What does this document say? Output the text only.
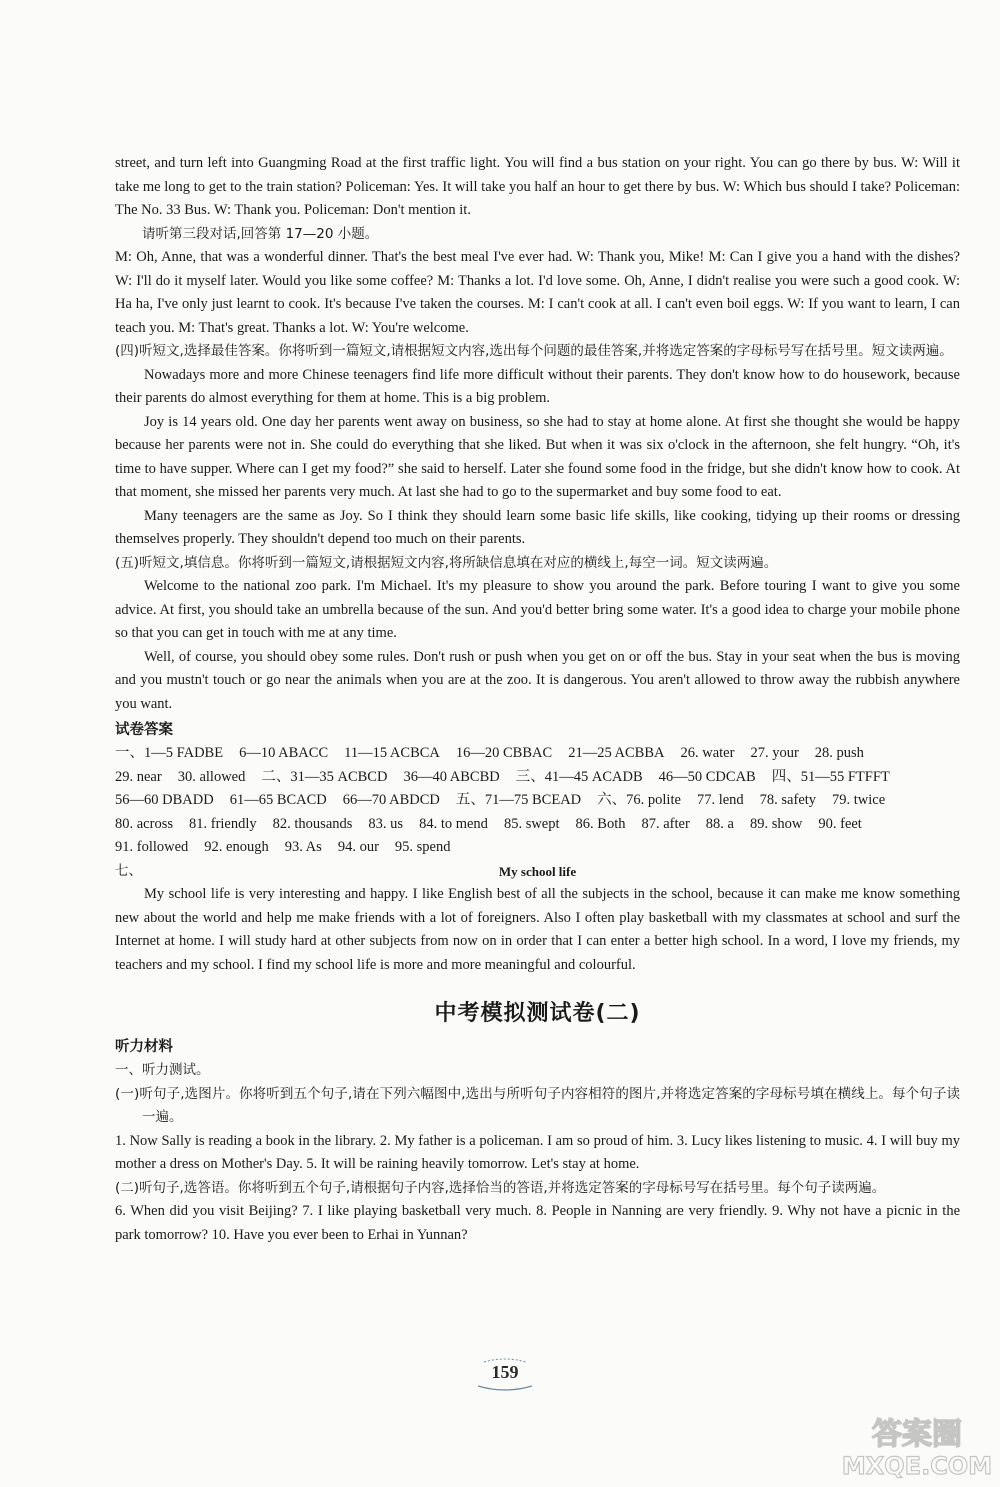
street, and turn left into Guangming Road at the first traffic light. You will find a bus station on your right. You can go there by bus. W: Will it take me long to get to the train station? Policeman: Yes. It will take you half an hour to get there by bus. W: Which bus should I take? Policeman: The No. 33 Bus. W: Thank you. Policeman: Don't mention it.

请听第三段对话,回答第 17—20 小题。

M: Oh, Anne, that was a wonderful dinner. That's the best meal I've ever had. W: Thank you, Mike! M: Can I give you a hand with the dishes? W: I'll do it myself later. Would you like some coffee? M: Thanks a lot. I'd love some. Oh, Anne, I didn't realise you were such a good cook. W: Ha ha, I've only just learnt to cook. It's because I've taken the courses. M: I can't cook at all. I can't even boil eggs. W: If you want to learn, I can teach you. M: That's great. Thanks a lot. W: You're welcome.

(四)听短文,选择最佳答案。你将听到一篇短文,请根据短文内容,选出每个问题的最佳答案,并将选定答案的字母标号写在括号里。短文读两遍。

Nowadays more and more Chinese teenagers find life more difficult without their parents. They don't know how to do housework, because their parents do almost everything for them at home. This is a big problem.

Joy is 14 years old. One day her parents went away on business, so she had to stay at home alone. At first she thought she would be happy because her parents were not in. She could do everything that she liked. But when it was six o'clock in the afternoon, she felt hungry. “Oh, it's time to have supper. Where can I get my food?” she said to herself. Later she found some food in the fridge, but she didn't know how to cook. At that moment, she missed her parents very much. At last she had to go to the supermarket and buy some food to eat.

Many teenagers are the same as Joy. So I think they should learn some basic life skills, like cooking, tidying up their rooms or dressing themselves properly. They shouldn't depend too much on their parents.

(五)听短文,填信息。你将听到一篇短文,请根据短文内容,将所缺信息填在对应的横线上,每空一词。短文读两遍。

Welcome to the national zoo park. I'm Michael. It's my pleasure to show you around the park. Before touring I want to give you some advice. At first, you should take an umbrella because of the sun. And you'd better bring some water. It's a good idea to charge your mobile phone so that you can get in touch with me at any time.

Well, of course, you should obey some rules. Don't rush or push when you get on or off the bus. Stay in your seat when the bus is moving and you mustn't touch or go near the animals when you are at the zoo. It is dangerous. You aren't allowed to throw away the rubbish anywhere you want.

试卷答案
一、1—5 FADBE 6—10 ABACC 11—15 ACBCA 16—20 CBBAC 21—25 ACBBA 26. water 27. your 28. push
29. near 30. allowed 二、31—35 ACBCD 36—40 ABCBD 三、41—45 ACADB 46—50 CDCAB 四、51—55 FTFFT
56—60 DBADD 61—65 BCACD 66—70 ABDCD 五、71—75 BCEAD 六、76. polite 77. lend 78. safety 79. twice
80. across 81. friendly 82. thousands 83. us 84. to mend 85. swept 86. Both 87. after 88. a 89. show 90. feet
91. followed 92. enough 93. As 94. our 95. spend
七、	My school life

My school life is very interesting and happy. I like English best of all the subjects in the school, because it can make me know something new about the world and help me make friends with a lot of foreigners. Also I often play basketball with my classmates at school and surf the Internet at home. I will study hard at other subjects from now on in order that I can enter a better high school. In a word, I love my friends, my teachers and my school. I find my school life is more and more meaningful and colourful.

中考模拟测试卷(二)
听力材料

一、听力测试。

(一)听句子,选图片。你将听到五个句子,请在下列六幅图中,选出与所听句子内容相符的图片,并将选定答案的字母标号填在横线上。每个句子读一遍。

1. Now Sally is reading a book in the library. 2. My father is a policeman. I am so proud of him. 3. Lucy likes listening to music. 4. I will buy my mother a dress on Mother's Day. 5. It will be raining heavily tomorrow. Let's stay at home.

(二)听句子,选答语。你将听到五个句子,请根据句子内容,选择恰当的答语,并将选定答案的字母标号写在括号里。每个句子读两遍。

6. When did you visit Beijing? 7. I like playing basketball very much. 8. People in Nanning are very friendly. 9. Why not have a picnic in the park tomorrow? 10. Have you ever been to Erhai in Yunnan?

159
答案圈
MXQE.COM
